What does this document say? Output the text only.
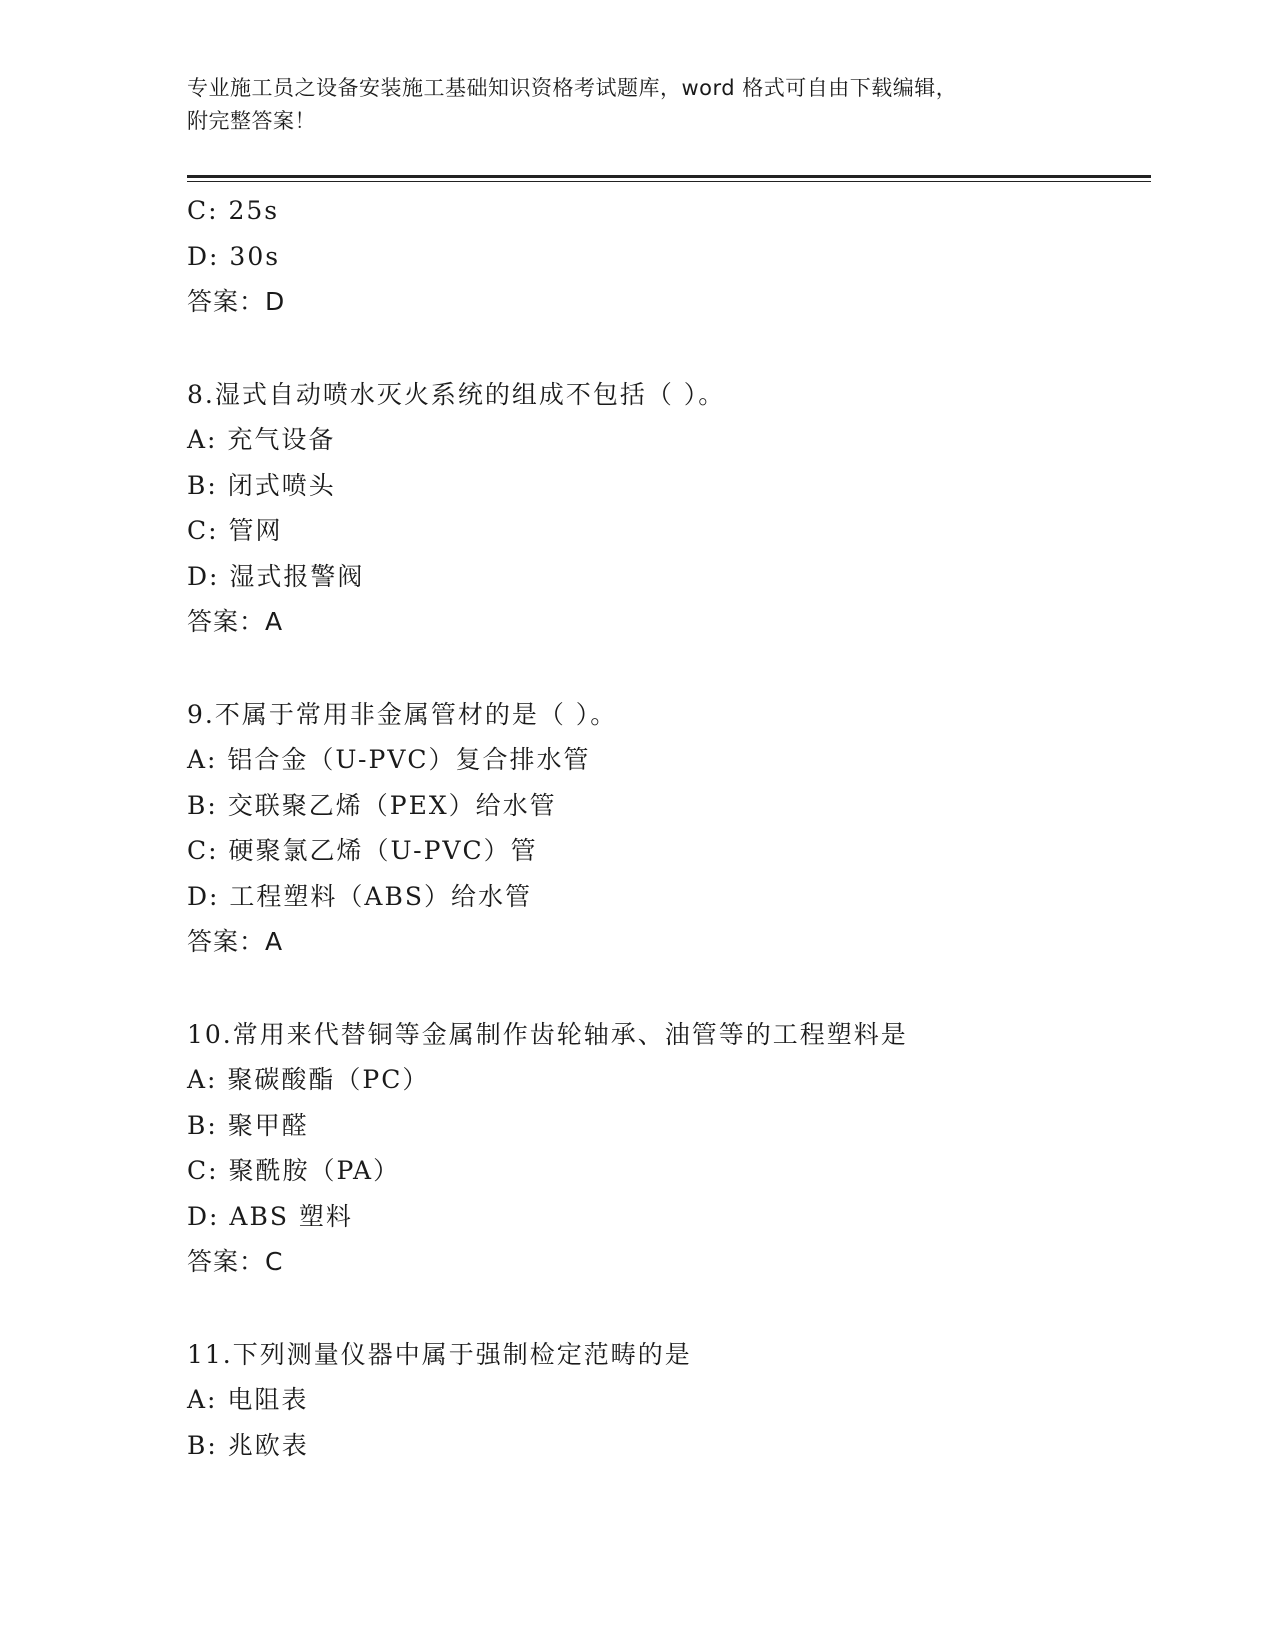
专业施工员之设备安装施工基础知识资格考试题库，word 格式可自由下载编辑，
附完整答案！
C: 25s
D: 30s
答案：D
8.湿式自动喷水灭火系统的组成不包括（ ）。
A: 充气设备
B: 闭式喷头
C: 管网
D: 湿式报警阀
答案：A
9.不属于常用非金属管材的是（ ）。
A: 铝合金（U-PVC）复合排水管
B: 交联聚乙烯（PEX）给水管
C: 硬聚氯乙烯（U-PVC）管
D: 工程塑料（ABS）给水管
答案：A
10.常用来代替铜等金属制作齿轮轴承、油管等的工程塑料是
A: 聚碳酸酯（PC）
B: 聚甲醛
C: 聚酰胺（PA）
D: ABS 塑料
答案：C
11.下列测量仪器中属于强制检定范畴的是
A: 电阻表
B: 兆欧表
